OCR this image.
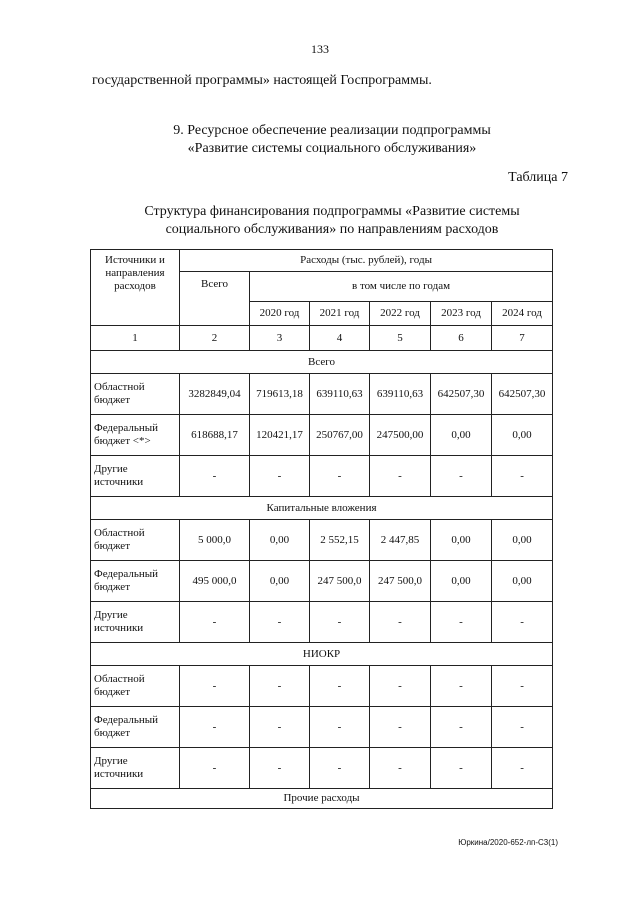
133
государственной программы» настоящей Госпрограммы.
9. Ресурсное обеспечение реализации подпрограммы
«Развитие системы социального обслуживания»
Таблица 7
Структура финансирования подпрограммы «Развитие системы
социального обслуживания» по направлениям расходов
Источники и направления расходов	Расходы (тыс. рублей), годы					
	Всего	в том числе по годам				
		2020 год	2021 год	2022 год	2023 год	2024 год
1	2	3	4	5	6	7
Всего						
Областной бюджет	3282849,04	719613,18	639110,63	639110,63	642507,30	642507,30
Федеральный бюджет <*>	618688,17	120421,17	250767,00	247500,00	0,00	0,00
Другие источники	-	-	-	-	-	-
Капитальные вложения						
Областной бюджет	5 000,0	0,00	2 552,15	2 447,85	0,00	0,00
Федеральный бюджет	495 000,0	0,00	247 500,0	247 500,0	0,00	0,00
Другие источники	-	-	-	-	-	-
НИОКР						
Областной бюджет	-	-	-	-	-	-
Федеральный бюджет	-	-	-	-	-	-
Другие источники	-	-	-	-	-	-
Прочие расходы						
Юркина/2020-652-лп-С3(1)
